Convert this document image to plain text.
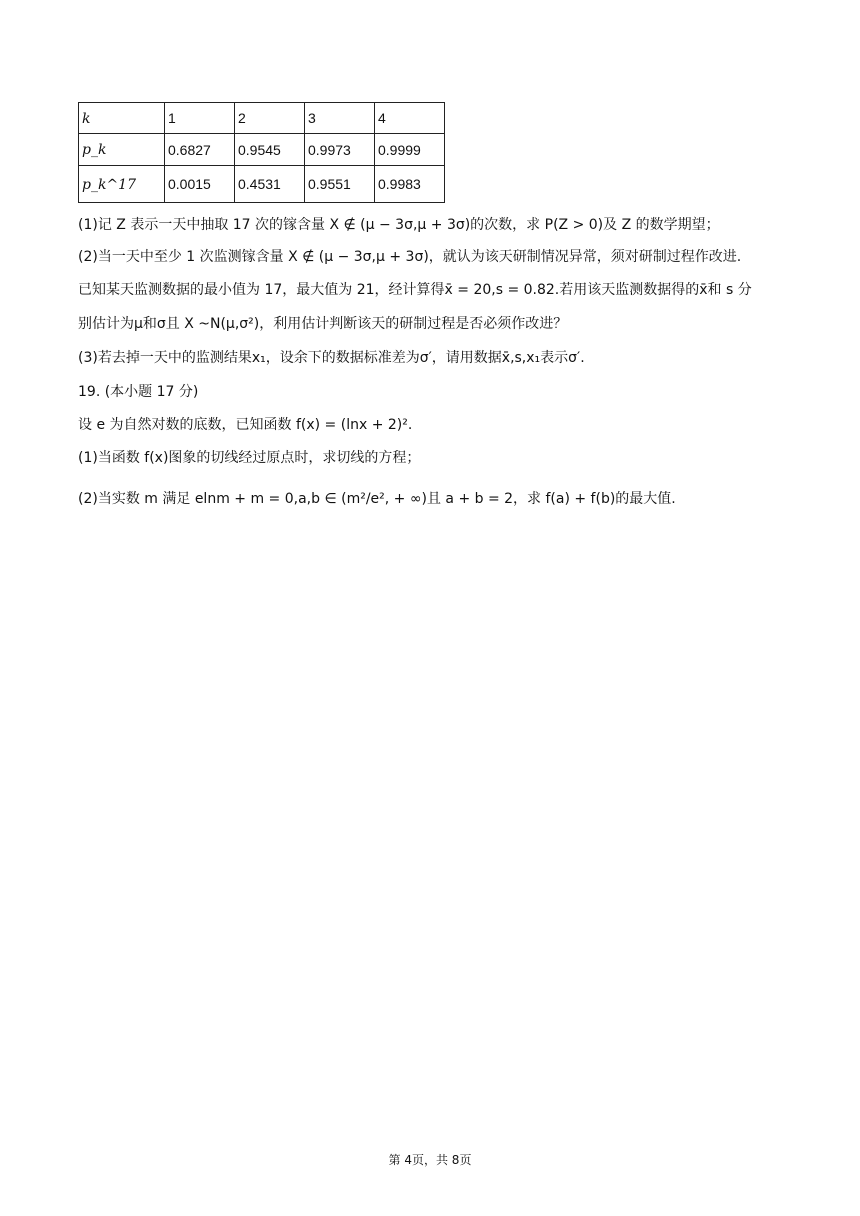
k	1	2	3	4
p_k	0.6827	0.9545	0.9973	0.9999
p_k^17	0.0015	0.4531	0.9551	0.9983
(1)记 Z 表示一天中抽取 17 次的镓含量 X ∉ (μ − 3σ,μ + 3σ)的次数，求 P(Z > 0)及 Z 的数学期望；
(2)当一天中至少 1 次监测镓含量 X ∉ (μ − 3σ,μ + 3σ)，就认为该天研制情况异常，须对研制过程作改进.
已知某天监测数据的最小值为 17，最大值为 21，经计算得x̄ = 20,s = 0.82.若用该天监测数据得的x̄和 s 分
别估计为μ和σ且 X ~N(μ,σ²)，利用估计判断该天的研制过程是否必须作改进？
(3)若去掉一天中的监测结果x₁，设余下的数据标准差为σ′，请用数据x̄,s,x₁表示σ′.
19. (本小题 17 分)
设 e 为自然对数的底数，已知函数 f(x) = (lnx + 2)².
(1)当函数 f(x)图象的切线经过原点时，求切线的方程；
(2)当实数 m 满足 elnm + m = 0,a,b ∈ (m²/e², + ∞)且 a + b = 2，求 f(a) + f(b)的最大值.
第 4页，共 8页
